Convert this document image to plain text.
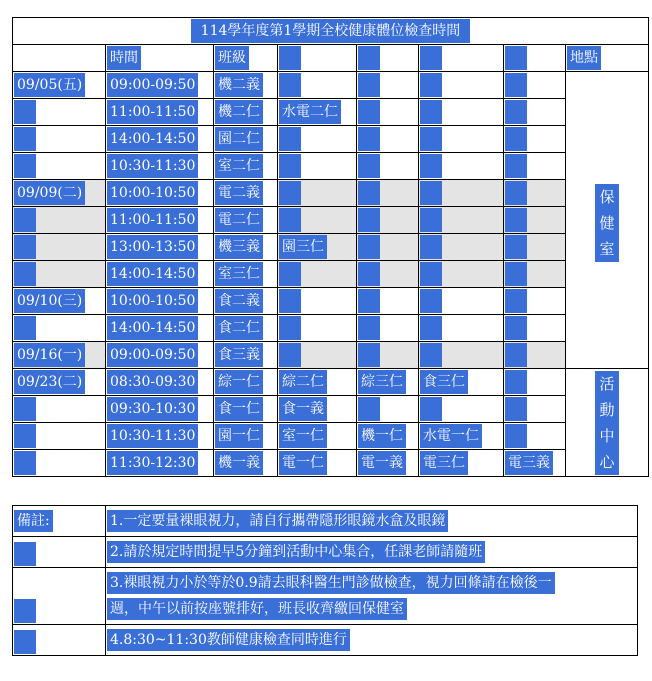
114學年度第1學期全校健康體位檢查時間							

	時間	班級					地點

09/05(五)	09:00-09:50	機二義					保
健
室

	11:00-11:50	機二仁	水電二仁				

	14:00-14:50	園二仁					

	10:30-11:30	室二仁					

09/09(二)	10:00-10:50	電二義					

	11:00-11:50	電二仁					

	13:00-13:50	機三義	園三仁				

	14:00-14:50	室三仁					

09/10(三)	10:00-10:50	食二義					

	14:00-14:50	食二仁					

09/16(一)	09:00-09:50	食三義					

09/23(二)	08:30-09:30	綜一仁	綜二仁	綜三仁	食三仁		活
動
中
心

	09:30-10:30	食一仁	食一義				

	10:30-11:30	園一仁	室一仁	機一仁	水電一仁		

	11:30-12:30	機一義	電一仁	電一義	電三仁	電三義	
備註:	1.一定要量裸眼視力，請自行攜帶隱形眼鏡水盒及眼鏡

	2.請於規定時間提早5分鐘到活動中心集合，任課老師請隨班

	3.裸眼視力小於等於0.9請去眼科醫生門診做檢查，視力回條請在檢後一
週，中午以前按座號排好，班長收齊繳回保健室

	4.8:30~11:30教師健康檢查同時進行
